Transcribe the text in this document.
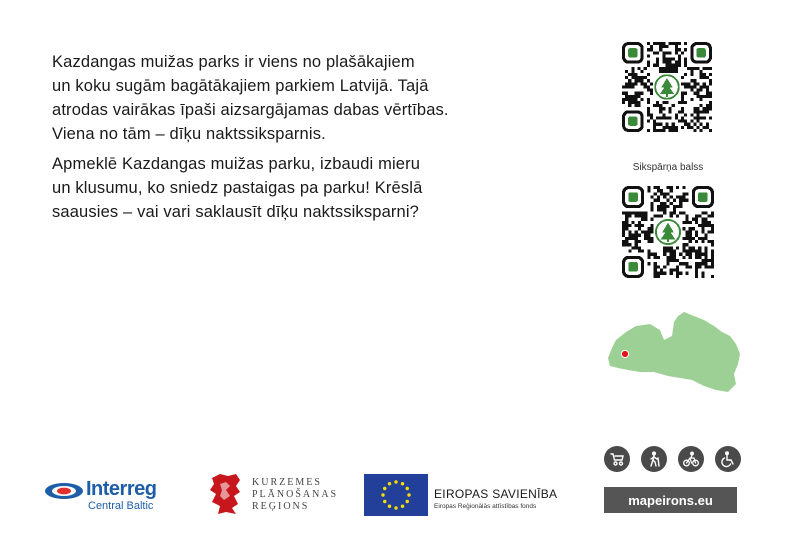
Kazdangas muižas parks ir viens no plašākajiem
un koku sugām bagātākajiem parkiem Latvijā. Tajā
atrodas vairākas īpaši aizsargājamas dabas vērtības.
Viena no tām – dīķu naktssiksparnis.
Apmeklē Kazdangas muižas parku, izbaudi mieru
un klusumu, ko sniedz pastaigas pa parku! Krēslā
saausies – vai vari saklausīt dīķu naktssiksparni?
Sikspārņa balss
mapeirons.eu
Interreg
Central Baltic
KURZEMES
PLĀNOŠANAS
REĢIONS
EIROPAS SAVIENĪBA
Eiropas Reģionālās attīstības fonds
